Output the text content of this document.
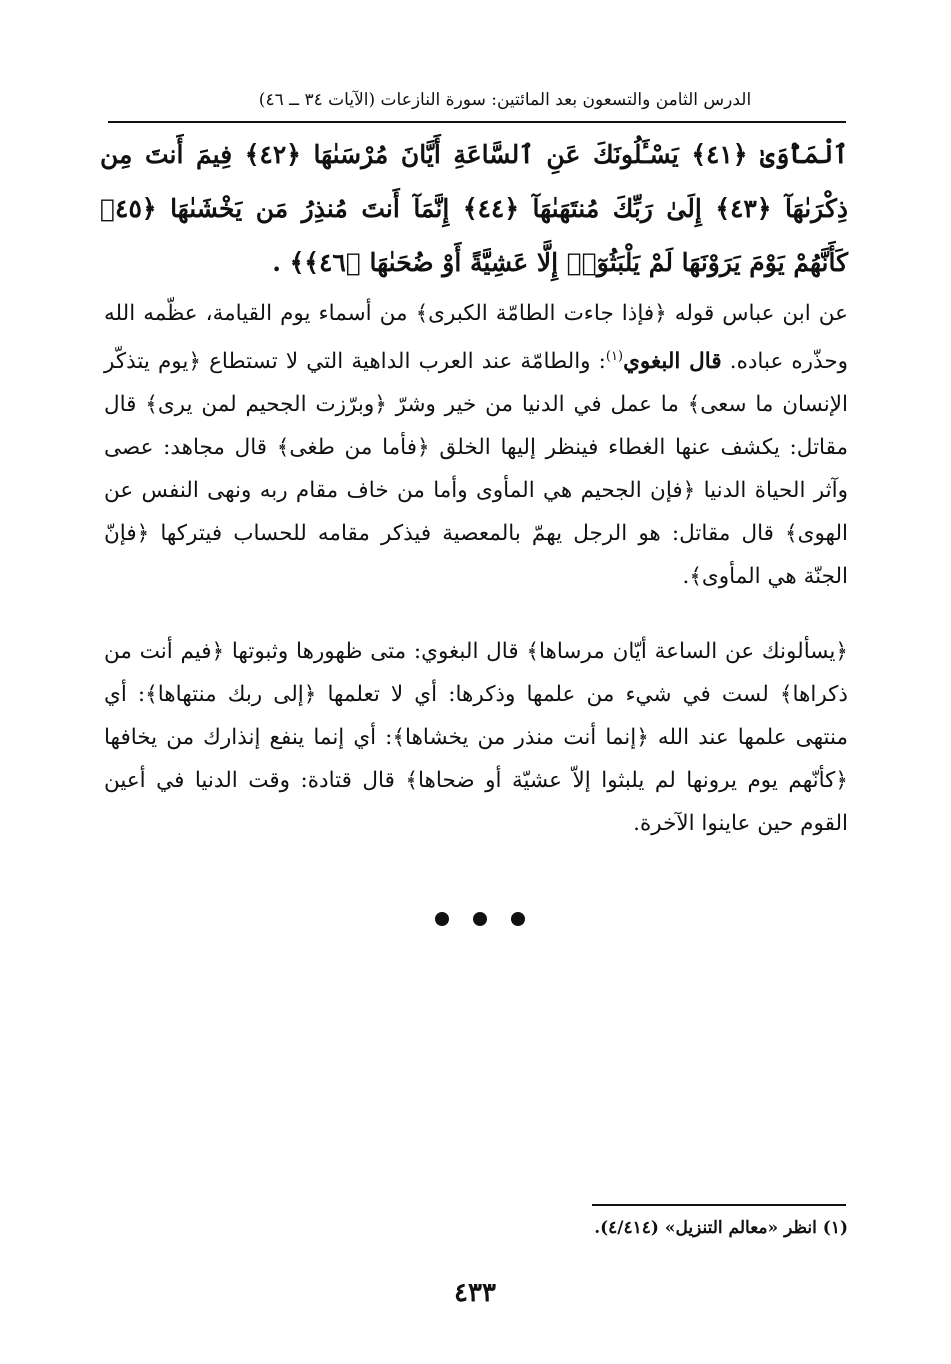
الدرس الثامن والتسعون بعد المائتين: سورة النازعات (الآيات ٣٤ ــ ٤٦)
ٱلْمَأْوَىٰ ﴿٤١﴾ يَسْـَٔلُونَكَ عَنِ ٱلسَّاعَةِ أَيَّانَ مُرْسَىٰهَا ﴿٤٢﴾ فِيمَ أَنتَ مِن ذِكْرَىٰهَآ ﴿٤٣﴾ إِلَىٰ رَبِّكَ مُنتَهَىٰهَآ ﴿٤٤﴾ إِنَّمَآ أَنتَ مُنذِرُ مَن يَخْشَىٰهَا ﴿٤٥﴾ كَأَنَّهُمْ يَوْمَ يَرَوْنَهَا لَمْ يَلْبَثُوٓا۟ إِلَّا عَشِيَّةً أَوْ ضُحَىٰهَا ﴿٤٦﴾﴾ .
عن ابن عباس قوله ﴿فإذا جاءت الطامّة الكبرى﴾ من أسماء يوم القيامة، عظّمه الله وحذّره عباده. قال البغوي$^{(١)}$: والطامّة عند العرب الداهية التي لا تستطاع ﴿يوم يتذكّر الإنسان ما سعى﴾ ما عمل في الدنيا من خير وشرّ ﴿وبرّزت الجحيم لمن يرى﴾ قال مقاتل: يكشف عنها الغطاء فينظر إليها الخلق ﴿فأما من طغى﴾ قال مجاهد: عصى وآثر الحياة الدنيا ﴿فإن الجحيم هي المأوى وأما من خاف مقام ربه ونهى النفس عن الهوى﴾ قال مقاتل: هو الرجل يهمّ بالمعصية فيذكر مقامه للحساب فيتركها ﴿فإنّ الجنّة هي المأوى﴾.
﴿يسألونك عن الساعة أيّان مرساها﴾ قال البغوي: متى ظهورها وثبوتها ﴿فيم أنت من ذكراها﴾ لست في شيء من علمها وذكرها: أي لا تعلمها ﴿إلى ربك منتهاها﴾: أي منتهى علمها عند الله ﴿إنما أنت منذر من يخشاها﴾: أي إنما ينفع إنذارك من يخافها ﴿كأنّهم يوم يرونها لم يلبثوا إلاّ عشيّة أو ضحاها﴾ قال قتادة: وقت الدنيا في أعين القوم حين عاينوا الآخرة.
(١) انظر «معالم التنزيل» (٤/٤١٤).
٤٣٣
